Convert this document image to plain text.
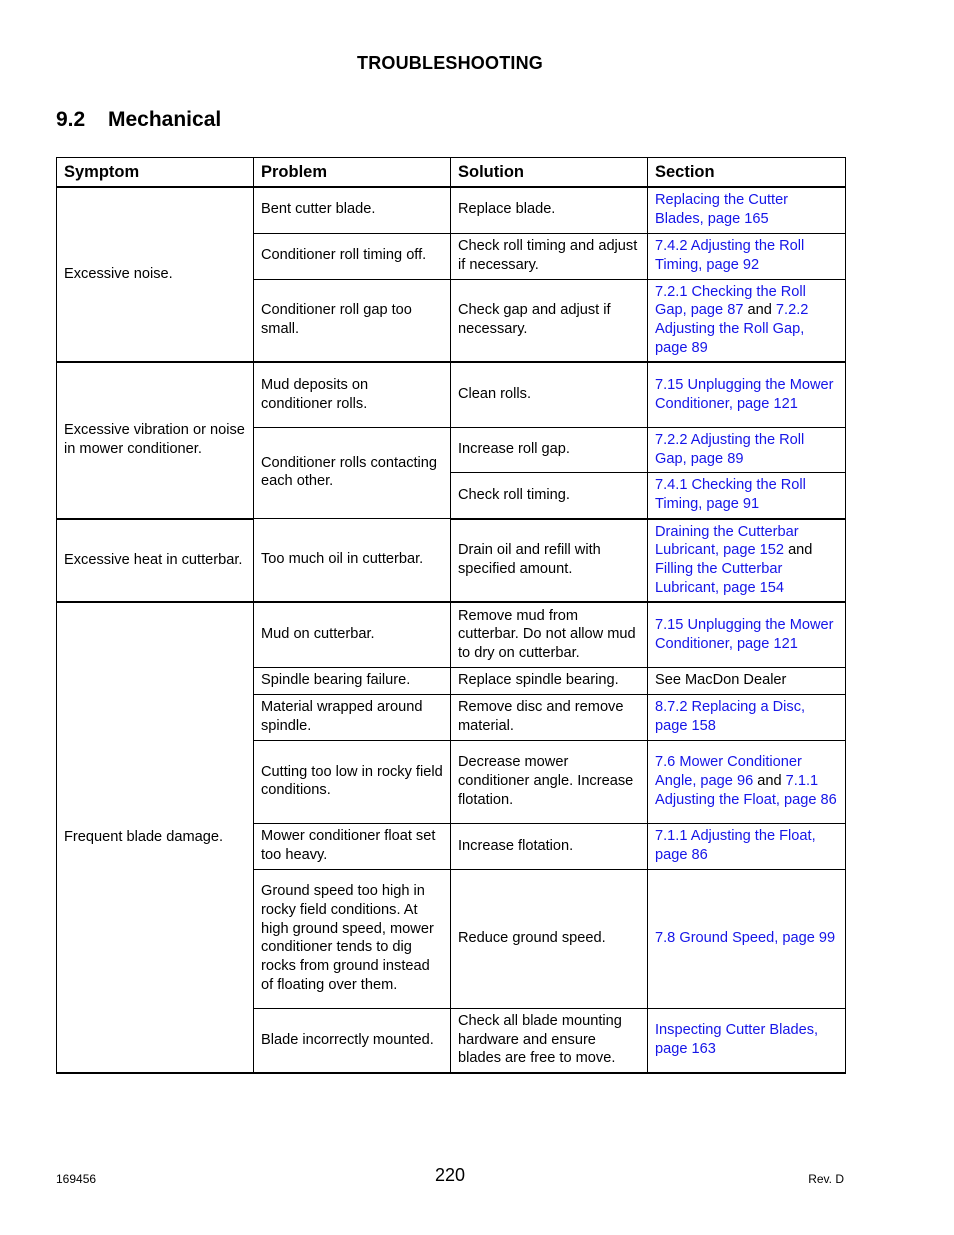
TROUBLESHOOTING
9.2 Mechanical
Symptom	Problem	Solution	Section
Excessive noise.	Bent cutter blade.	Replace blade.	Replacing the Cutter Blades, page 165
	Conditioner roll timing off.	Check roll timing and adjust if necessary.	7.4.2 Adjusting the Roll Timing, page 92
	Conditioner roll gap too small.	Check gap and adjust if necessary.	7.2.1 Checking the Roll Gap, page 87 and 7.2.2 Adjusting the Roll Gap, page 89
Excessive vibration or noise in mower conditioner.	Mud deposits on conditioner rolls.	Clean rolls.	7.15 Unplugging the Mower Conditioner, page 121
	Conditioner rolls contacting each other.	Increase roll gap.	7.2.2 Adjusting the Roll Gap, page 89
		Check roll timing.	7.4.1 Checking the Roll Timing, page 91
Excessive heat in cutterbar.	Too much oil in cutterbar.	Drain oil and refill with specified amount.	Draining the Cutterbar Lubricant, page 152 and Filling the Cutterbar Lubricant, page 154
Frequent blade damage.	Mud on cutterbar.	Remove mud from cutterbar. Do not allow mud to dry on cutterbar.	7.15 Unplugging the Mower Conditioner, page 121
	Spindle bearing failure.	Replace spindle bearing.	See MacDon Dealer
	Material wrapped around spindle.	Remove disc and remove material.	8.7.2 Replacing a Disc, page 158
	Cutting too low in rocky field conditions.	Decrease mower conditioner angle. Increase flotation.	7.6 Mower Conditioner Angle, page 96 and 7.1.1 Adjusting the Float, page 86
	Mower conditioner float set too heavy.	Increase flotation.	7.1.1 Adjusting the Float, page 86
	Ground speed too high in rocky field conditions. At high ground speed, mower conditioner tends to dig rocks from ground instead of floating over them.	Reduce ground speed.	7.8 Ground Speed, page 99
	Blade incorrectly mounted.	Check all blade mounting hardware and ensure blades are free to move.	Inspecting Cutter Blades, page 163
169456	220	Rev. D
